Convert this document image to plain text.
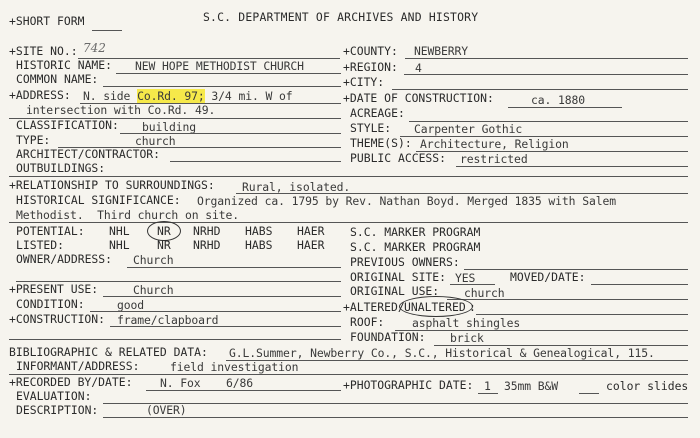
+SHORT FORM	S.C. DEPARTMENT OF ARCHIVES AND HISTORY
+SITE NO.: 742	+COUNTY: NEWBERRY
HISTORIC NAME: NEW HOPE METHODIST CHURCH	+REGION: 4
COMMON NAME:	+CITY:
+ADDRESS: N. side Co.Rd. 97; 3/4 mi. W of	+DATE OF CONSTRUCTION:	ca. 1880
intersection with Co.Rd. 49.	ACREAGE:
CLASSIFICATION: building	STYLE: Carpenter Gothic
TYPE:	church	THEME(S): Architecture, Religion
ARCHITECT/CONTRACTOR:	PUBLIC ACCESS: restricted
OUTBUILDINGS:
+RELATIONSHIP TO SURROUNDINGS: Rural, isolated.
HISTORICAL SIGNIFICANCE: Organized ca. 1795 by Rev. Nathan Boyd. Merged 1835 with Salem
Methodist.  Third church on site.
POTENTIAL: NHL NR NRHD HABS HAER S.C. MARKER PROGRAM
LISTED:	NHL NR NRHD HABS HAER S.C. MARKER PROGRAM
OWNER/ADDRESS: Church	PREVIOUS OWNERS:
ORIGINAL SITE: YES	MOVED/DATE:
+PRESENT USE:	Church	ORIGINAL USE: church
CONDITION:	good	+ALTERED/ UNALTERED :
+CONSTRUCTION: frame/clapboard	ROOF: asphalt shingles
FOUNDATION: brick
BIBLIOGRAPHIC & RELATED DATA: G.L.Summer, Newberry Co., S.C., Historical & Genealogical, 115.
INFORMANT/ADDRESS:	field investigation
+RECORDED BY/DATE: N. Fox 6/86	+PHOTOGRAPHIC DATE: 1 35mm B&W	color slides
EVALUATION:
DESCRIPTION:	(OVER)
